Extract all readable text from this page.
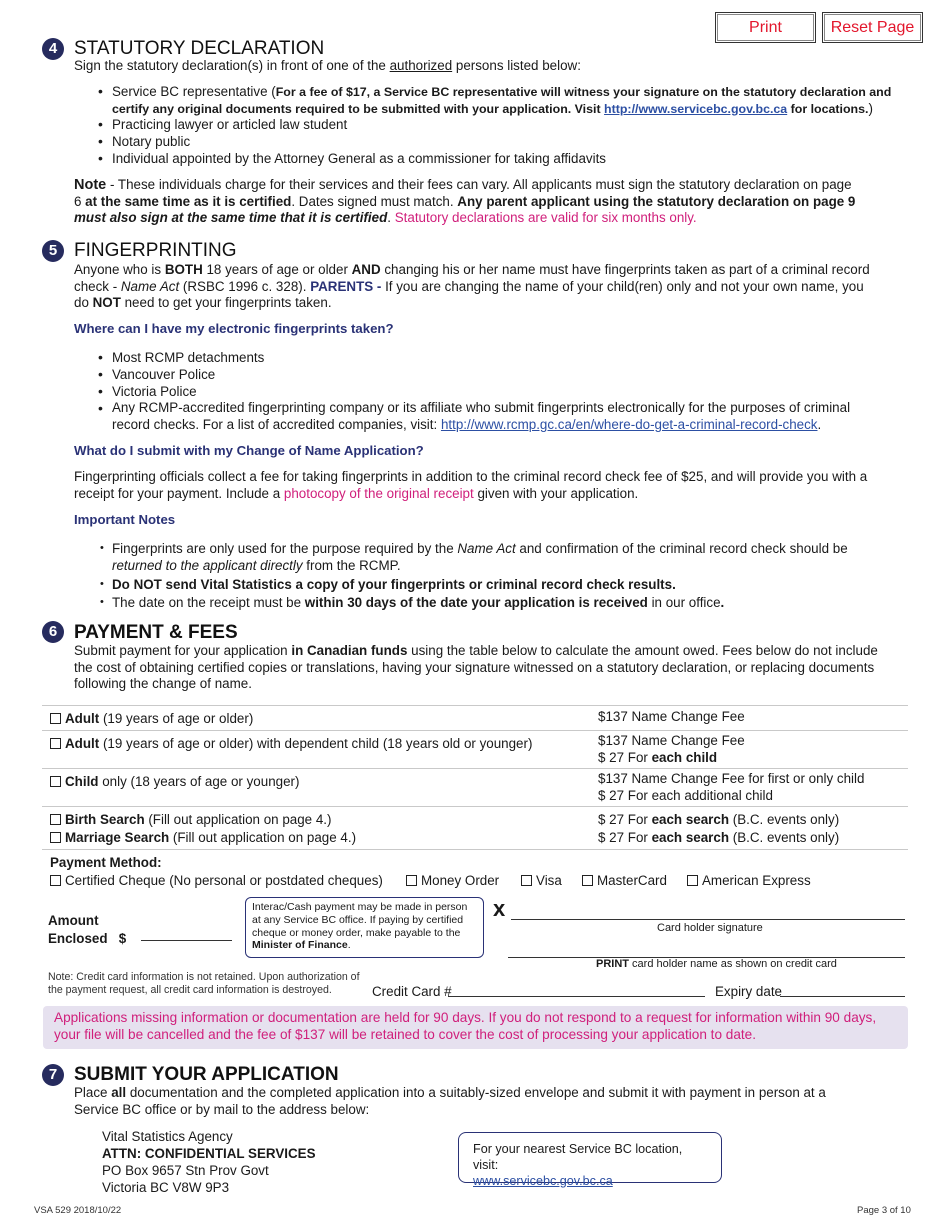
Print	Reset Page
4 STATUTORY DECLARATION
Sign the statutory declaration(s) in front of one of the authorized persons listed below:
• Service BC representative (For a fee of $17, a Service BC representative will witness your signature on the statutory declaration and
certify any original documents required to be submitted with your application. Visit http://www.servicebc.gov.bc.ca for locations.)
• Practicing lawyer or articled law student
• Notary public
• Individual appointed by the Attorney General as a commissioner for taking affidavits
Note - These individuals charge for their services and their fees can vary. All applicants must sign the statutory declaration on page
6 at the same time as it is certified. Dates signed must match. Any parent applicant using the statutory declaration on page 9
must also sign at the same time that it is certified. Statutory declarations are valid for six months only.
5 FINGERPRINTING
Anyone who is BOTH 18 years of age or older AND changing his or her name must have fingerprints taken as part of a criminal record
check - Name Act (RSBC 1996 c. 328). PARENTS - If you are changing the name of your child(ren) only and not your own name, you
do NOT need to get your fingerprints taken.
Where can I have my electronic fingerprints taken?
• Most RCMP detachments
• Vancouver Police
• Victoria Police
• Any RCMP-accredited fingerprinting company or its affiliate who submit fingerprints electronically for the purposes of criminal
record checks. For a list of accredited companies, visit: http://www.rcmp.gc.ca/en/where-do-get-a-criminal-record-check.
What do I submit with my Change of Name Application?
Fingerprinting officials collect a fee for taking fingerprints in addition to the criminal record check fee of $25, and will provide you with a
receipt for your payment. Include a photocopy of the original receipt given with your application.
Important Notes
• Fingerprints are only used for the purpose required by the Name Act and confirmation of the criminal record check should be
returned to the applicant directly from the RCMP.
• Do NOT send Vital Statistics a copy of your fingerprints or criminal record check results.
• The date on the receipt must be within 30 days of the date your application is received in our office.
6 PAYMENT & FEES
Submit payment for your application in Canadian funds using the table below to calculate the amount owed. Fees below do not include
the cost of obtaining certified copies or translations, having your signature witnessed on a statutory declaration, or replacing documents
following the change of name.
Adult (19 years of age or older)	$137 Name Change Fee
Adult (19 years of age or older) with dependent child (18 years old or younger)	$137 Name Change Fee
$ 27 For each child
Child only (18 years of age or younger)	$137 Name Change Fee for first or only child
$ 27 For each additional child
Birth Search (Fill out application on page 4.)	$ 27 For each search (B.C. events only)
Marriage Search (Fill out application on page 4.)	$ 27 For each search (B.C. events only)
Payment Method:
Certified Cheque (No personal or postdated cheques)	Money Order	Visa	MasterCard	American Express
Amount
Enclosed $
Interac/Cash payment may be made in person at any Service BC office. If paying by certified cheque or money order, make payable to the Minister of Finance.
x
Card holder signature
PRINT card holder name as shown on credit card
Note: Credit card information is not retained. Upon authorization of
the payment request, all credit card information is destroyed.	Credit Card #	Expiry date
Applications missing information or documentation are held for 90 days. If you do not respond to a request for information within 90 days,
your file will be cancelled and the fee of $137 will be retained to cover the cost of processing your application to date.
7 SUBMIT YOUR APPLICATION
Place all documentation and the completed application into a suitably-sized envelope and submit it with payment in person at a
Service BC office or by mail to the address below:
Vital Statistics Agency
ATTN: CONFIDENTIAL SERVICES
PO Box 9657 Stn Prov Govt
Victoria BC V8W 9P3
For your nearest Service BC location, visit:
www.servicebc.gov.bc.ca
VSA 529 2018/10/22	Page 3 of 10
